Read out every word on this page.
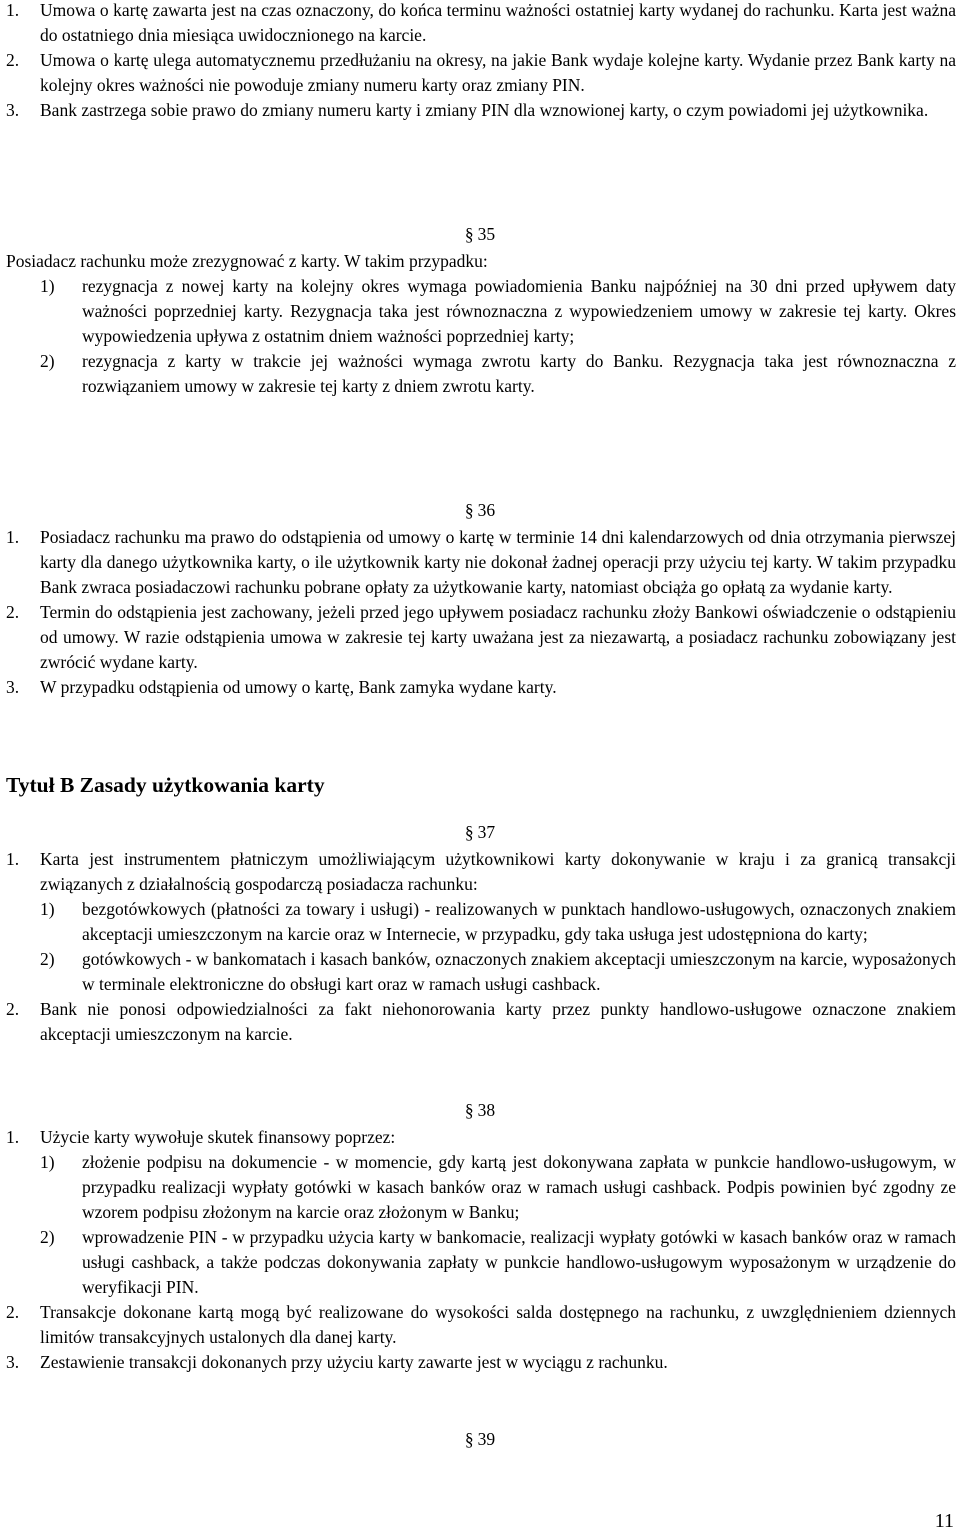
1. Umowa o kartę zawarta jest na czas oznaczony, do końca terminu ważności ostatniej karty wydanej do rachunku. Karta jest ważna do ostatniego dnia miesiąca uwidocznionego na karcie.
2. Umowa o kartę ulega automatycznemu przedłużaniu na okresy, na jakie Bank wydaje kolejne karty. Wydanie przez Bank karty na kolejny okres ważności nie powoduje zmiany numeru karty oraz zmiany PIN.
3. Bank zastrzega sobie prawo do zmiany numeru karty i zmiany PIN dla wznowionej karty, o czym powiadomi jej użytkownika.
§ 35
Posiadacz rachunku może zrezygnować z karty. W takim przypadku:
1) rezygnacja z nowej karty na kolejny okres wymaga powiadomienia Banku najpóźniej na 30 dni przed upływem daty ważności poprzedniej karty. Rezygnacja taka jest równoznaczna z wypowiedzeniem umowy w zakresie tej karty. Okres wypowiedzenia upływa z ostatnim dniem ważności poprzedniej karty;
2) rezygnacja z karty w trakcie jej ważności wymaga zwrotu karty do Banku. Rezygnacja taka jest równoznaczna z rozwiązaniem umowy w zakresie tej karty z dniem zwrotu karty.
§ 36
1. Posiadacz rachunku ma prawo do odstąpienia od umowy o kartę w terminie 14 dni kalendarzowych od dnia otrzymania pierwszej karty dla danego użytkownika karty, o ile użytkownik karty nie dokonał żadnej operacji przy użyciu tej karty. W takim przypadku Bank zwraca posiadaczowi rachunku pobrane opłaty za użytkowanie karty, natomiast obciąża go opłatą za wydanie karty.
2. Termin do odstąpienia jest zachowany, jeżeli przed jego upływem posiadacz rachunku złoży Bankowi oświadczenie o odstąpieniu od umowy. W razie odstąpienia umowa w zakresie tej karty uważana jest za niezawartą, a posiadacz rachunku zobowiązany jest zwrócić wydane karty.
3. W przypadku odstąpienia od umowy o kartę, Bank zamyka wydane karty.
Tytuł B Zasady użytkowania karty
§ 37
1. Karta jest instrumentem płatniczym umożliwiającym użytkownikowi karty dokonywanie w kraju i za granicą transakcji związanych z działalnością gospodarczą posiadacza rachunku:
1) bezgotówkowych (płatności za towary i usługi) - realizowanych w punktach handlowo-usługowych, oznaczonych znakiem akceptacji umieszczonym na karcie oraz w Internecie, w przypadku, gdy taka usługa jest udostępniona do karty;
2) gotówkowych - w bankomatach i kasach banków, oznaczonych znakiem akceptacji umieszczonym na karcie, wyposażonych w terminale elektroniczne do obsługi kart oraz w ramach usługi cashback.
2. Bank nie ponosi odpowiedzialności za fakt niehonorowania karty przez punkty handlowo-usługowe oznaczone znakiem akceptacji umieszczonym na karcie.
§ 38
1. Użycie karty wywołuje skutek finansowy poprzez:
1) złożenie podpisu na dokumencie - w momencie, gdy kartą jest dokonywana zapłata w punkcie handlowo-usługowym, w przypadku realizacji wypłaty gotówki w kasach banków oraz w ramach usługi cashback. Podpis powinien być zgodny ze wzorem podpisu złożonym na karcie oraz złożonym w Banku;
2) wprowadzenie PIN - w przypadku użycia karty w bankomacie, realizacji wypłaty gotówki w kasach banków oraz w ramach usługi cashback, a także podczas dokonywania zapłaty w punkcie handlowo-usługowym wyposażonym w urządzenie do weryfikacji PIN.
2. Transakcje dokonane kartą mogą być realizowane do wysokości salda dostępnego na rachunku, z uwzględnieniem dziennych limitów transakcyjnych ustalonych dla danej karty.
3. Zestawienie transakcji dokonanych przy użyciu karty zawarte jest w wyciągu z rachunku.
§ 39
11
